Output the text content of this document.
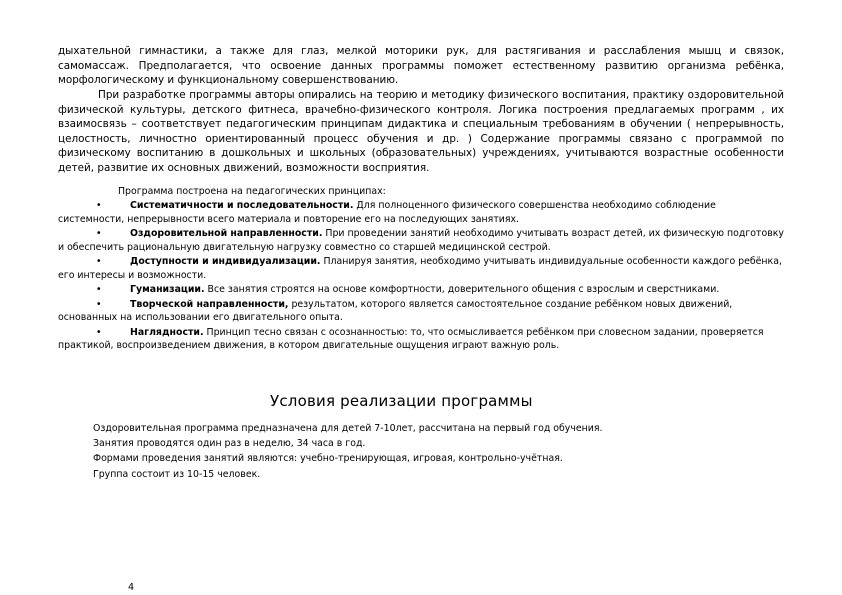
дыхательной гимнастики, а также для глаз, мелкой моторики рук, для растягивания и расслабления мышц и связок, самомассаж. Предполагается, что освоение данных программы поможет естественному развитию организма ребёнка, морфологическому и функциональному совершенствованию.

При разработке программы авторы опирались на теорию и методику физического воспитания, практику оздоровительной физической культуры, детского фитнеса, врачебно-физического контроля. Логика построения предлагаемых программ , их взаимосвязь – соответствует педагогическим принципам дидактика и специальным требованиям в обучении ( непрерывность, целостность, личностно ориентированный процесс обучения и др. ) Содержание программы связано с программой по физическому воспитанию в дошкольных и школьных (образовательных) учреждениях, учитываются возрастные особенности детей, развитие их основных движений, возможности восприятия.

Программа построена на педагогических принципах:

•	Систематичности и последовательности. Для полноценного физического совершенства необходимо соблюдение системности, непрерывности всего материала и повторение его на последующих занятиях.
•	Оздоровительной направленности. При проведении занятий необходимо учитывать возраст детей, их физическую подготовку и обеспечить рациональную двигательную нагрузку совместно со старшей медицинской сестрой.
•	Доступности и индивидуализации. Планируя занятия, необходимо учитывать индивидуальные особенности каждого ребёнка, его интересы и возможности.
•	Гуманизации. Все занятия строятся на основе комфортности, доверительного общения с взрослым и сверстниками.
•	Творческой направленности, результатом, которого является самостоятельное создание ребёнком новых движений, основанных на использовании его двигательного опыта.
•	Наглядности. Принцип тесно связан с осознанностью: то, что осмысливается ребёнком при словесном задании, проверяется практикой, воспроизведением движения, в котором двигательные ощущения играют важную роль.
Условия реализации программы
Оздоровительная программа предназначена для детей 7-10лет, рассчитана на первый год обучения.
Занятия проводятся один раз в неделю, 34 часа в год.
Формами проведения занятий являются: учебно-тренирующая, игровая, контрольно-учётная.
Группа состоит из 10-15 человек.
4
